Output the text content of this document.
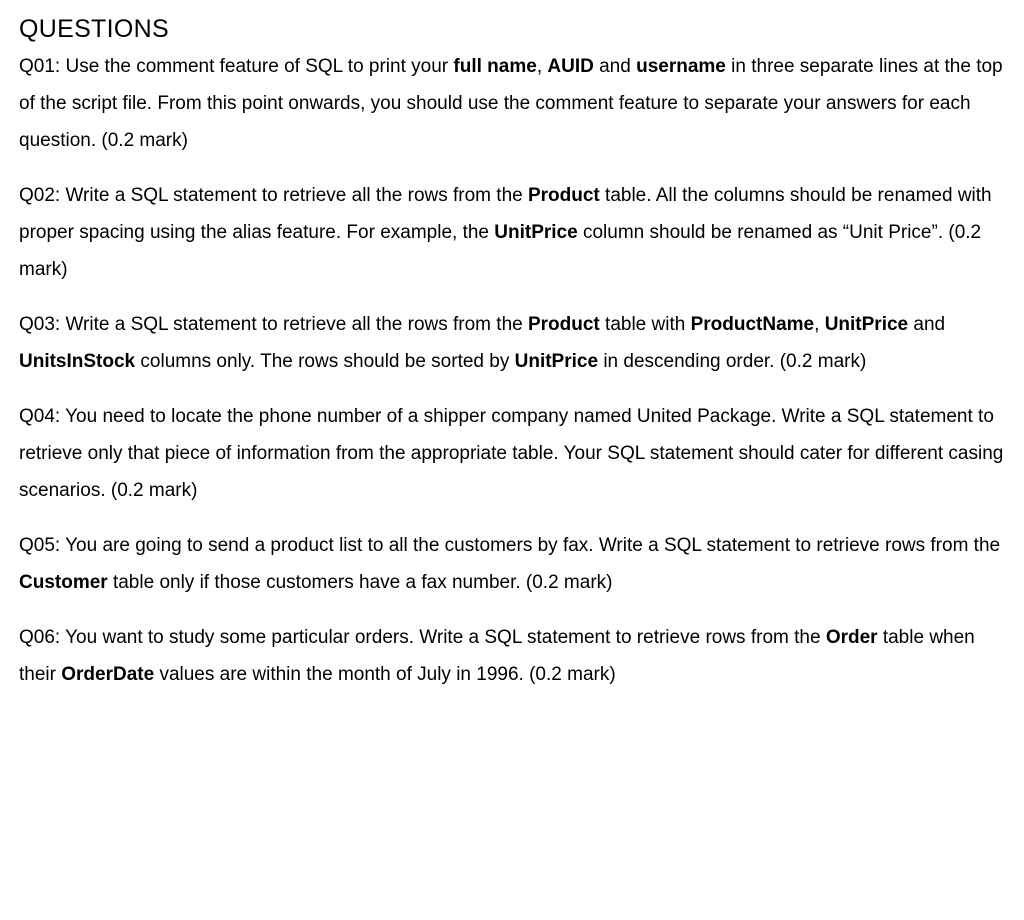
QUESTIONS

Q01: Use the comment feature of SQL to print your full name, AUID and username in three separate lines at the top of the script file. From this point onwards, you should use the comment feature to separate your answers for each question. (0.2 mark)

Q02: Write a SQL statement to retrieve all the rows from the Product table. All the columns should be renamed with proper spacing using the alias feature. For example, the UnitPrice column should be renamed as “Unit Price”. (0.2 mark)

Q03: Write a SQL statement to retrieve all the rows from the Product table with ProductName, UnitPrice and UnitsInStock columns only. The rows should be sorted by UnitPrice in descending order. (0.2 mark)

Q04: You need to locate the phone number of a shipper company named United Package. Write a SQL statement to retrieve only that piece of information from the appropriate table. Your SQL statement should cater for different casing scenarios. (0.2 mark)

Q05: You are going to send a product list to all the customers by fax. Write a SQL statement to retrieve rows from the Customer table only if those customers have a fax number. (0.2 mark)

Q06: You want to study some particular orders. Write a SQL statement to retrieve rows from the Order table when their OrderDate values are within the month of July in 1996. (0.2 mark)
